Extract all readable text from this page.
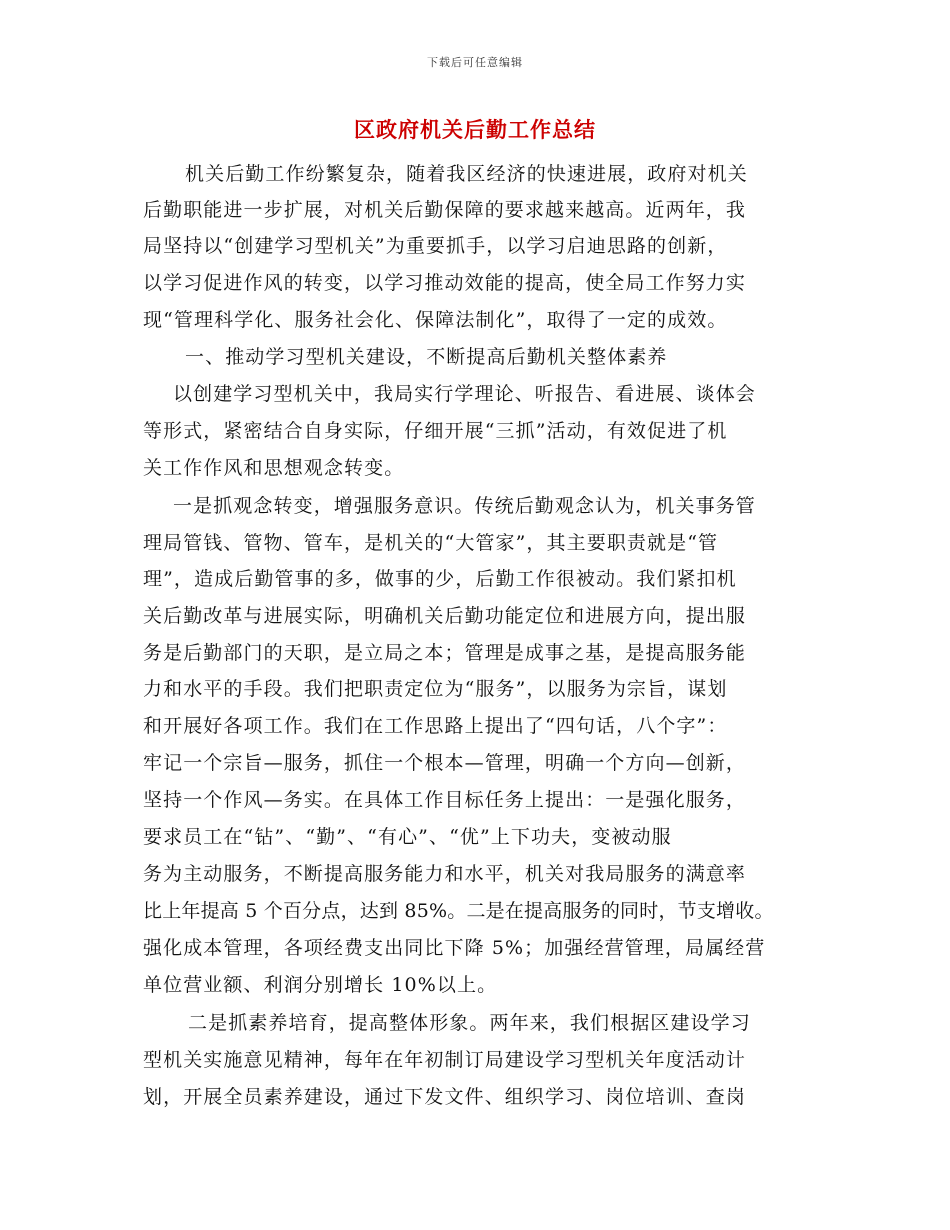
下载后可任意编辑
区政府机关后勤工作总结
机关后勤工作纷繁复杂，随着我区经济的快速进展，政府对机关
后勤职能进一步扩展，对机关后勤保障的要求越来越高。近两年，我
局坚持以“创建学习型机关”为重要抓手，以学习启迪思路的创新，
以学习促进作风的转变，以学习推动效能的提高，使全局工作努力实
现“管理科学化、服务社会化、保障法制化”，取得了一定的成效。
一、推动学习型机关建设，不断提高后勤机关整体素养
以创建学习型机关中，我局实行学理论、听报告、看进展、谈体会
等形式，紧密结合自身实际，仔细开展“三抓”活动，有效促进了机
关工作作风和思想观念转变。
一是抓观念转变，增强服务意识。传统后勤观念认为，机关事务管
理局管钱、管物、管车，是机关的“大管家”，其主要职责就是“管
理”，造成后勤管事的多，做事的少，后勤工作很被动。我们紧扣机
关后勤改革与进展实际，明确机关后勤功能定位和进展方向，提出服
务是后勤部门的天职，是立局之本；管理是成事之基，是提高服务能
力和水平的手段。我们把职责定位为“服务”，以服务为宗旨，谋划
和开展好各项工作。我们在工作思路上提出了“四句话，八个字”：
牢记一个宗旨—服务，抓住一个根本—管理，明确一个方向—创新，
坚持一个作风—务实。在具体工作目标任务上提出：一是强化服务，
要求员工在“钻”、“勤”、“有心”、“优”上下功夫，变被动服
务为主动服务，不断提高服务能力和水平，机关对我局服务的满意率
比上年提高 5 个百分点，达到 85%。二是在提高服务的同时，节支增收。
强化成本管理，各项经费支出同比下降 5%；加强经营管理，局属经营
单位营业额、利润分别增长 10%以上。
二是抓素养培育，提高整体形象。两年来，我们根据区建设学习
型机关实施意见精神，每年在年初制订局建设学习型机关年度活动计
划，开展全员素养建设，通过下发文件、组织学习、岗位培训、查岗
